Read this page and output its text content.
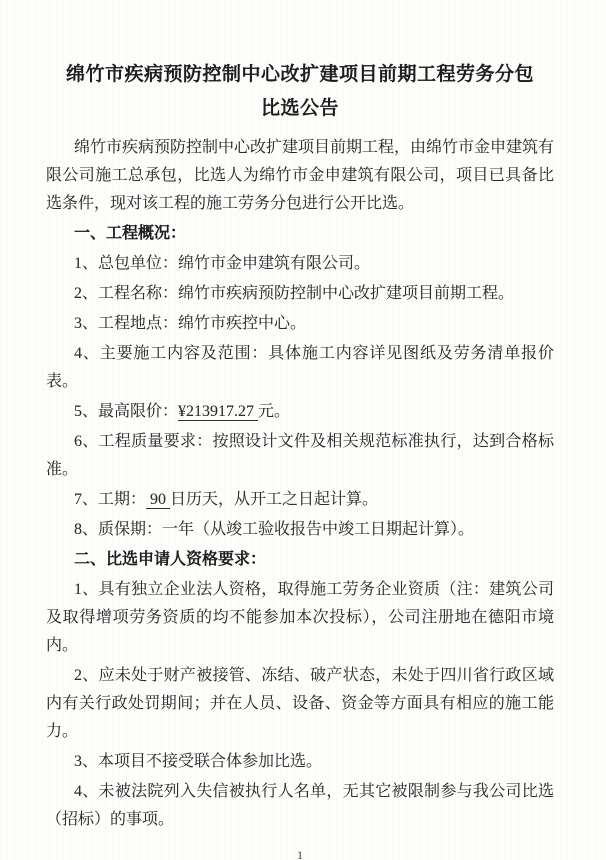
绵竹市疾病预防控制中心改扩建项目前期工程劳务分包
比选公告

绵竹市疾病预防控制中心改扩建项目前期工程，由绵竹市金申建筑有限公司施工总承包，比选人为绵竹市金申建筑有限公司，项目已具备比选条件，现对该工程的施工劳务分包进行公开比选。

一、工程概况：

1、总包单位：绵竹市金申建筑有限公司。

2、工程名称：绵竹市疾病预防控制中心改扩建项目前期工程。

3、工程地点：绵竹市疾控中心。

4、主要施工内容及范围：具体施工内容详见图纸及劳务清单报价表。

5、最高限价：¥213917.27 元。

6、工程质量要求：按照设计文件及相关规范标准执行，达到合格标准。

7、工期： 90 日历天，从开工之日起计算。

8、质保期：一年（从竣工验收报告中竣工日期起计算）。

二、比选申请人资格要求：

1、具有独立企业法人资格，取得施工劳务企业资质（注：建筑公司及取得增项劳务资质的均不能参加本次投标），公司注册地在德阳市境内。

2、应未处于财产被接管、冻结、破产状态，未处于四川省行政区域内有关行政处罚期间；并在人员、设备、资金等方面具有相应的施工能力。

3、本项目不接受联合体参加比选。

4、未被法院列入失信被执行人名单，无其它被限制参与我公司比选（招标）的事项。

1
